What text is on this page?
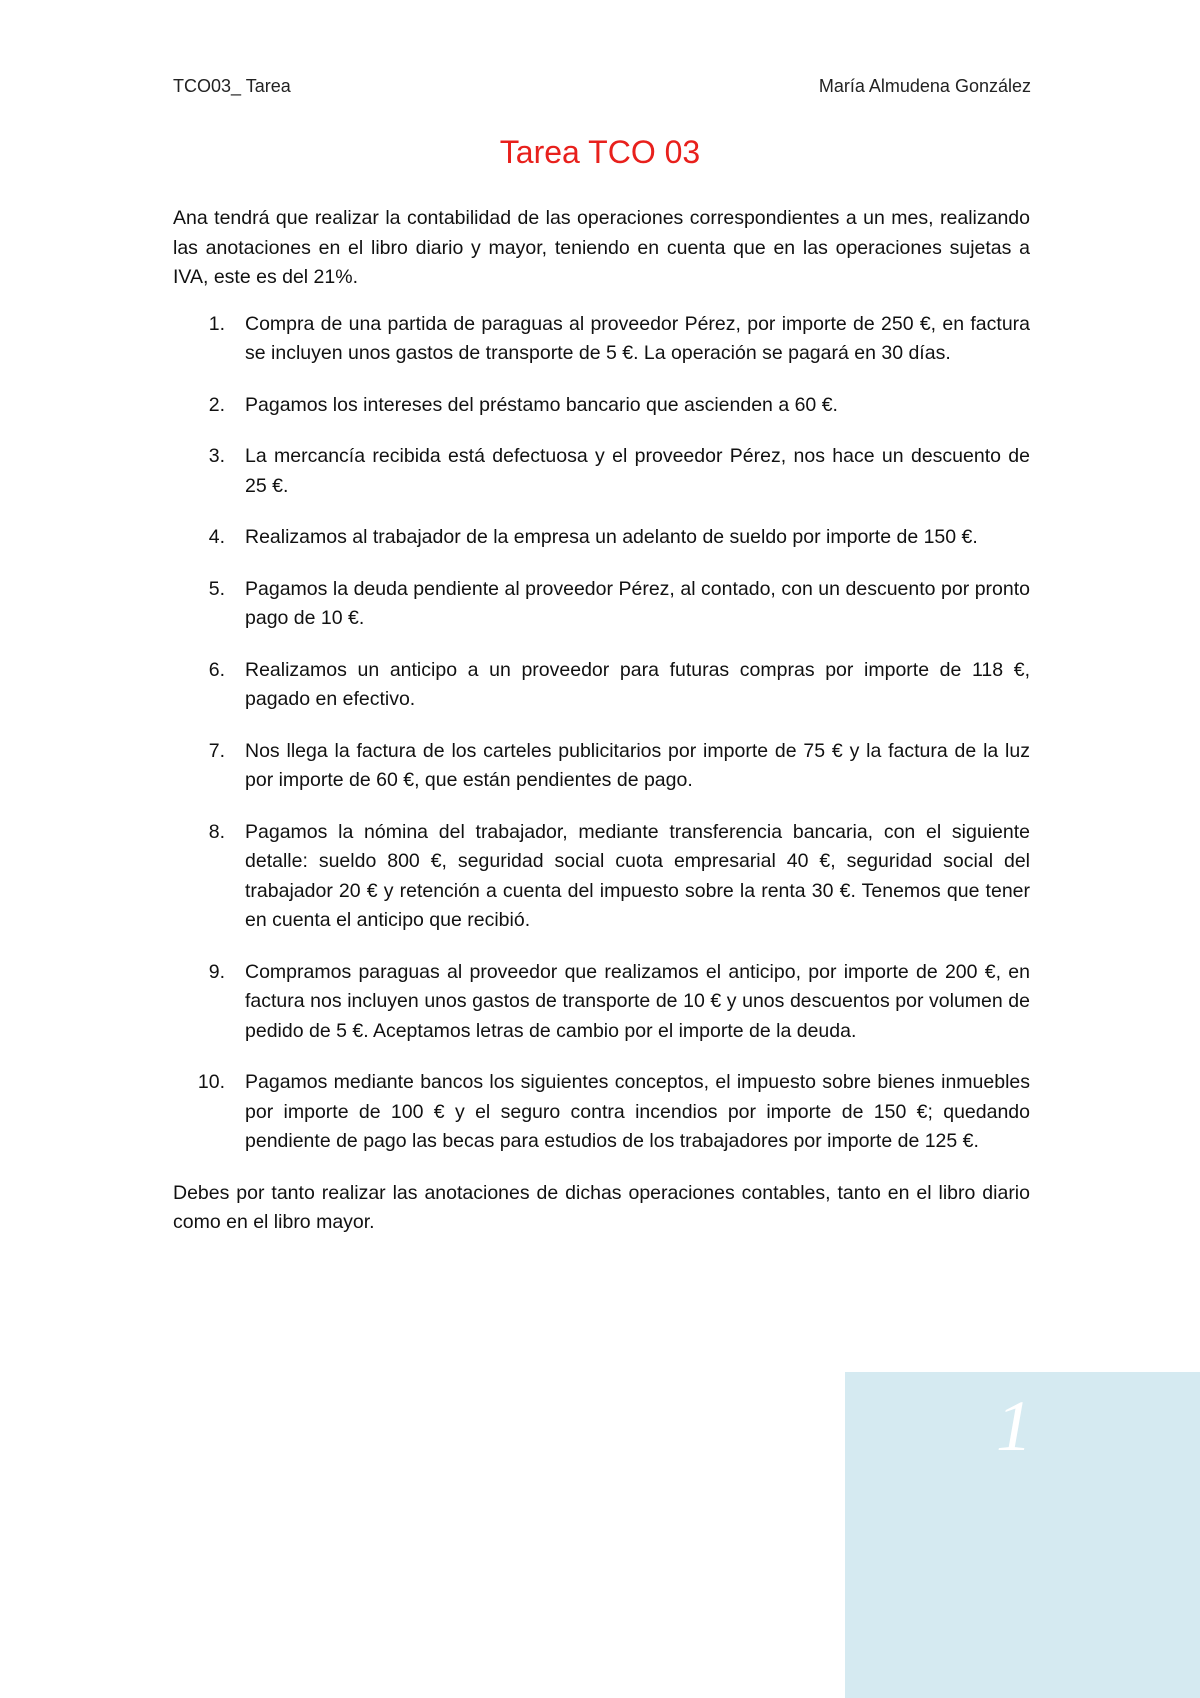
TCO03_ Tarea	María Almudena González
Tarea TCO 03

Ana tendrá que realizar la contabilidad de las operaciones correspondientes a un mes, realizando las anotaciones en el libro diario y mayor, teniendo en cuenta que en las operaciones sujetas a IVA, este es del 21%.

1. Compra de una partida de paraguas al proveedor Pérez, por importe de 250 €, en factura se incluyen unos gastos de transporte de 5 €. La operación se pagará en 30 días.
2. Pagamos los intereses del préstamo bancario que ascienden a 60 €.
3. La mercancía recibida está defectuosa y el proveedor Pérez, nos hace un descuento de 25 €.
4. Realizamos al trabajador de la empresa un adelanto de sueldo por importe de 150 €.
5. Pagamos la deuda pendiente al proveedor Pérez, al contado, con un descuento por pronto pago de 10 €.
6. Realizamos un anticipo a un proveedor para futuras compras por importe de 118 €, pagado en efectivo.
7. Nos llega la factura de los carteles publicitarios por importe de 75 € y la factura de la luz por importe de 60 €, que están pendientes de pago.
8. Pagamos la nómina del trabajador, mediante transferencia bancaria, con el siguiente detalle: sueldo 800 €, seguridad social cuota empresarial 40 €, seguridad social del trabajador 20 € y retención a cuenta del impuesto sobre la renta 30 €. Tenemos que tener en cuenta el anticipo que recibió.
9. Compramos paraguas al proveedor que realizamos el anticipo, por importe de 200 €, en factura nos incluyen unos gastos de transporte de 10 € y unos descuentos por volumen de pedido de 5 €. Aceptamos letras de cambio por el importe de la deuda.
10. Pagamos mediante bancos los siguientes conceptos, el impuesto sobre bienes inmuebles por importe de 100 € y el seguro contra incendios por importe de 150 €; quedando pendiente de pago las becas para estudios de los trabajadores por importe de 125 €.

Debes por tanto realizar las anotaciones de dichas operaciones contables, tanto en el libro diario como en el libro mayor.

1
